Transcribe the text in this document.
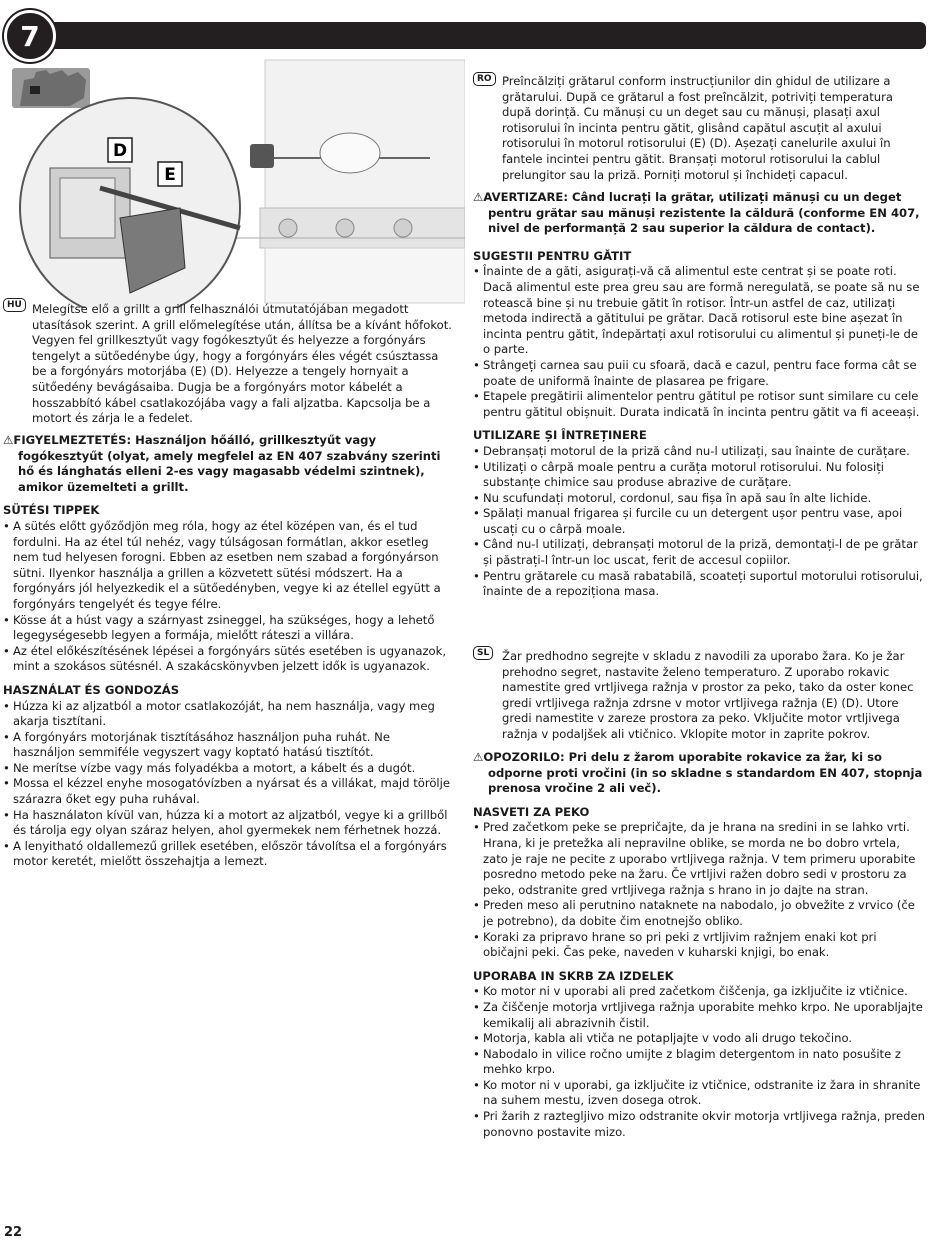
7
D
E
RO Preîncălziți grătarul conform instrucțiunilor din ghidul de utilizare a grătarului. După ce grătarul a fost preîncălzit, potriviți temperatura după dorință. Cu mănuși cu un deget sau cu mănuși, plasați axul rotisorului în incinta pentru gătit, glisând capătul ascuțit al axului rotisorului în motorul rotisorului (E) (D). Așezați canelurile axului în fantele incintei pentru gătit. Branșați motorul rotisorului la cablul prelungitor sau la priză. Porniți motorul și închideți capacul.

⚠AVERTIZARE: Când lucrați la grătar, utilizați mănuși cu un deget pentru grătar sau mănuși rezistente la căldură (conforme EN 407, nivel de performanță 2 sau superior la căldura de contact).

SUGESTII PENTRU GĂTIT

• Înainte de a găti, asigurați-vă că alimentul este centrat și se poate roti. Dacă alimentul este prea greu sau are formă neregulată, se poate să nu se rotească bine și nu trebuie gătit în rotisor. Într-un astfel de caz, utilizați metoda indirectă a gătitului pe grătar. Dacă rotisorul este bine așezat în incinta pentru gătit, îndepărtați axul rotisorului cu alimentul și puneți-le de o parte.
• Strângeți carnea sau puii cu sfoară, dacă e cazul, pentru face forma cât se poate de uniformă înainte de plasarea pe frigare.
• Etapele pregătirii alimentelor pentru gătitul pe rotisor sunt similare cu cele pentru gătitul obișnuit. Durata indicată în incinta pentru gătit va fi aceeași.

UTILIZARE ȘI ÎNTREȚINERE

• Debranșați motorul de la priză când nu-l utilizați, sau înainte de curățare.
• Utilizați o cârpă moale pentru a curăța motorul rotisorului. Nu folosiți substanțe chimice sau produse abrazive de curățare.
• Nu scufundați motorul, cordonul, sau fișa în apă sau în alte lichide.
• Spălați manual frigarea și furcile cu un detergent ușor pentru vase, apoi uscați cu o cârpă moale.
• Când nu-l utilizați, debranșați motorul de la priză, demontați-l de pe grătar și păstrați-l într-un loc uscat, ferit de accesul copiilor.
• Pentru grătarele cu masă rabatabilă, scoateți suportul motorului rotisorului, înainte de a repoziționa masa.
HU Melegítse elő a grillt a grill felhasználói útmutatójában megadott utasítások szerint. A grill előmelegítése után, állítsa be a kívánt hőfokot. Vegyen fel grillkesztyűt vagy fogókesztyűt és helyezze a forgónyárs tengelyt a sütőedénybe úgy, hogy a forgónyárs éles végét csúsztassa be a forgónyárs motorjába (E) (D). Helyezze a tengely hornyait a sütőedény bevágásaiba. Dugja be a forgónyárs motor kábelét a hosszabbító kábel csatlakozójába vagy a fali aljzatba. Kapcsolja be a motort és zárja le a fedelet.

⚠FIGYELMEZTETÉS: Használjon hőálló, grillkesztyűt vagy fogókesztyűt (olyat, amely megfelel az EN 407 szabvány szerinti hő és lánghatás elleni 2-es vagy magasabb védelmi szintnek), amikor üzemelteti a grillt.

SÜTÉSI TIPPEK

• A sütés előtt győződjön meg róla, hogy az étel középen van, és el tud fordulni. Ha az étel túl nehéz, vagy túlságosan formátlan, akkor esetleg nem tud helyesen forogni. Ebben az esetben nem szabad a forgónyárson sütni. Ilyenkor használja a grillen a közvetett sütési módszert. Ha a forgónyárs jól helyezkedik el a sütőedényben, vegye ki az étellel együtt a forgónyárs tengelyét és tegye félre.
• Kösse át a húst vagy a szárnyast zsineggel, ha szükséges, hogy a lehető legegységesebb legyen a formája, mielőtt ráteszi a villára.
• Az étel előkészítésének lépései a forgónyárs sütés esetében is ugyanazok, mint a szokásos sütésnél. A szakácskönyvben jelzett idők is ugyanazok.

HASZNÁLAT ÉS GONDOZÁS

• Húzza ki az aljzatból a motor csatlakozóját, ha nem használja, vagy meg akarja tisztítani.
• A forgónyárs motorjának tisztításához használjon puha ruhát. Ne használjon semmiféle vegyszert vagy koptató hatású tisztítót.
• Ne merítse vízbe vagy más folyadékba a motort, a kábelt és a dugót.
• Mossa el kézzel enyhe mosogatóvízben a nyársat és a villákat, majd törölje szárazra őket egy puha ruhával.
• Ha használaton kívül van, húzza ki a motort az aljzatból, vegye ki a grillből és tárolja egy olyan száraz helyen, ahol gyermekek nem férhetnek hozzá.
• A lenyitható oldallemezű grillek esetében, először távolítsa el a forgónyárs motor keretét, mielőtt összehajtja a lemezt.
SL	Žar predhodno segrejte v skladu z navodili za uporabo žara. Ko je žar prehodno segret, nastavite želeno temperaturo. Z uporabo rokavic namestite gred vrtljivega ražnja v prostor za peko, tako da oster konec gredi vrtljivega ražnja zdrsne v motor vrtljivega ražnja (E) (D). Utore gredi namestite v zareze prostora za peko. Vključite motor vrtljivega ražnja v podaljšek ali vtičnico. Vklopite motor in zaprite pokrov.

⚠OPOZORILO: Pri delu z žarom uporabite rokavice za žar, ki so odporne proti vročini (in so skladne s standardom EN 407, stopnja prenosa vročine 2 ali več).

NASVETI ZA PEKO

• Pred začetkom peke se prepričajte, da je hrana na sredini in se lahko vrti. Hrana, ki je pretežka ali nepravilne oblike, se morda ne bo dobro vrtela, zato je raje ne pecite z uporabo vrtljivega ražnja. V tem primeru uporabite posredno metodo peke na žaru. Če vrtljivi ražen dobro sedi v prostoru za peko, odstranite gred vrtljivega ražnja s hrano in jo dajte na stran.
• Preden meso ali perutnino nataknete na nabodalo, jo obvežite z vrvico (če je potrebno), da dobite čim enotnejšo obliko.
• Koraki za pripravo hrane so pri peki z vrtljivim ražnjem enaki kot pri običajni peki. Čas peke, naveden v kuharski knjigi, bo enak.

UPORABA IN SKRB ZA IZDELEK

• Ko motor ni v uporabi ali pred začetkom čiščenja, ga izključite iz vtičnice.
• Za čiščenje motorja vrtljivega ražnja uporabite mehko krpo. Ne uporabljajte kemikalij ali abrazivnih čistil.
• Motorja, kabla ali vtiča ne potapljajte v vodo ali drugo tekočino.
• Nabodalo in vilice ročno umijte z blagim detergentom in nato posušite z mehko krpo.
• Ko motor ni v uporabi, ga izključite iz vtičnice, odstranite iz žara in shranite na suhem mestu, izven dosega otrok.
• Pri žarih z raztegljivo mizo odstranite okvir motorja vrtljivega ražnja, preden ponovno postavite mizo.
22
